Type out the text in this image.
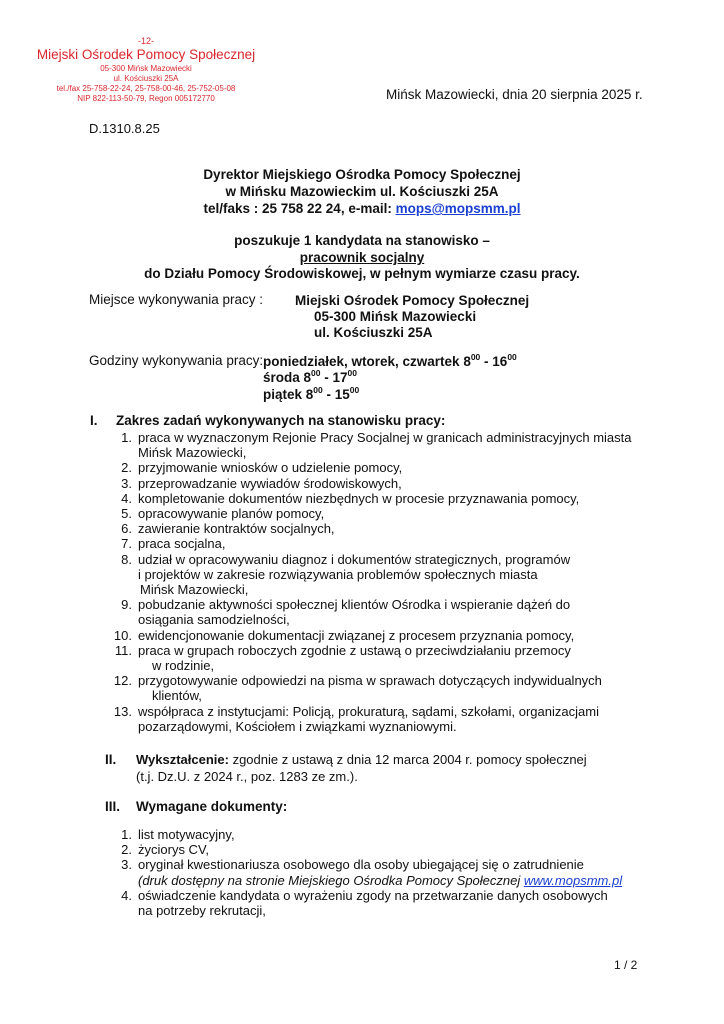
-12-
Miejski Ośrodek Pomocy Społecznej
05-300 Mińsk Mazowiecki
ul. Kościuszki 25A
tel./fax 25-758-22-24, 25-758-00-46, 25-752-05-08
NIP 822-113-50-79, Regon 005172770	Mińsk Mazowiecki, dnia 20 sierpnia 2025 r.
D.1310.8.25
Dyrektor Miejskiego Ośrodka Pomocy Społecznej
w Mińsku Mazowieckim ul. Kościuszki 25A
tel/faks : 25 758 22 24, e-mail: mops@mopsmm.pl
poszukuje 1 kandydata na stanowisko –
pracownik socjalny
do Działu Pomocy Środowiskowej, w pełnym wymiarze czasu pracy.
Miejsce wykonywania pracy : Miejski Ośrodek Pomocy Społecznej
05-300 Mińsk Mazowiecki
ul. Kościuszki 25A
Godziny wykonywania pracy: poniedziałek, wtorek, czwartek $8^{00} - 16^{00}$
środa $8^{00} - 17^{00}$
piątek $8^{00} - 15^{00}$
I. Zakres zadań wykonywanych na stanowisku pracy:
1. praca w wyznaczonym Rejonie Pracy Socjalnej w granicach administracyjnych miasta
Mińsk Mazowiecki,
2. przyjmowanie wniosków o udzielenie pomocy,
3. przeprowadzanie wywiadów środowiskowych,
4. kompletowanie dokumentów niezbędnych w procesie przyznawania pomocy,
5. opracowywanie planów pomocy,
6. zawieranie kontraktów socjalnych,
7. praca socjalna,
8. udział w opracowywaniu diagnoz i dokumentów strategicznych, programów
i projektów w zakresie rozwiązywania problemów społecznych miasta
Mińsk Mazowiecki,
9. pobudzanie aktywności społecznej klientów Ośrodka i wspieranie dążeń do
osiągania samodzielności,
10. ewidencjonowanie dokumentacji związanej z procesem przyznania pomocy,
11. praca w grupach roboczych zgodnie z ustawą o przeciwdziałaniu przemocy
w rodzinie,
12. przygotowywanie odpowiedzi na pisma w sprawach dotyczących indywidualnych
klientów,
13. współpraca z instytucjami: Policją, prokuraturą, sądami, szkołami, organizacjami
pozarządowymi, Kościołem i związkami wyznaniowymi.
II. Wykształcenie: zgodnie z ustawą z dnia 12 marca 2004 r. pomocy społecznej
(t.j. Dz.U. z 2024 r., poz. 1283 ze zm.).
III. Wymagane dokumenty:
1. list motywacyjny,
2. życiorys CV,
3. oryginał kwestionariusza osobowego dla osoby ubiegającej się o zatrudnienie
(druk dostępny na stronie Miejskiego Ośrodka Pomocy Społecznej www.mopsmm.pl
4. oświadczenie kandydata o wyrażeniu zgody na przetwarzanie danych osobowych
na potrzeby rekrutacji,
1 / 2
